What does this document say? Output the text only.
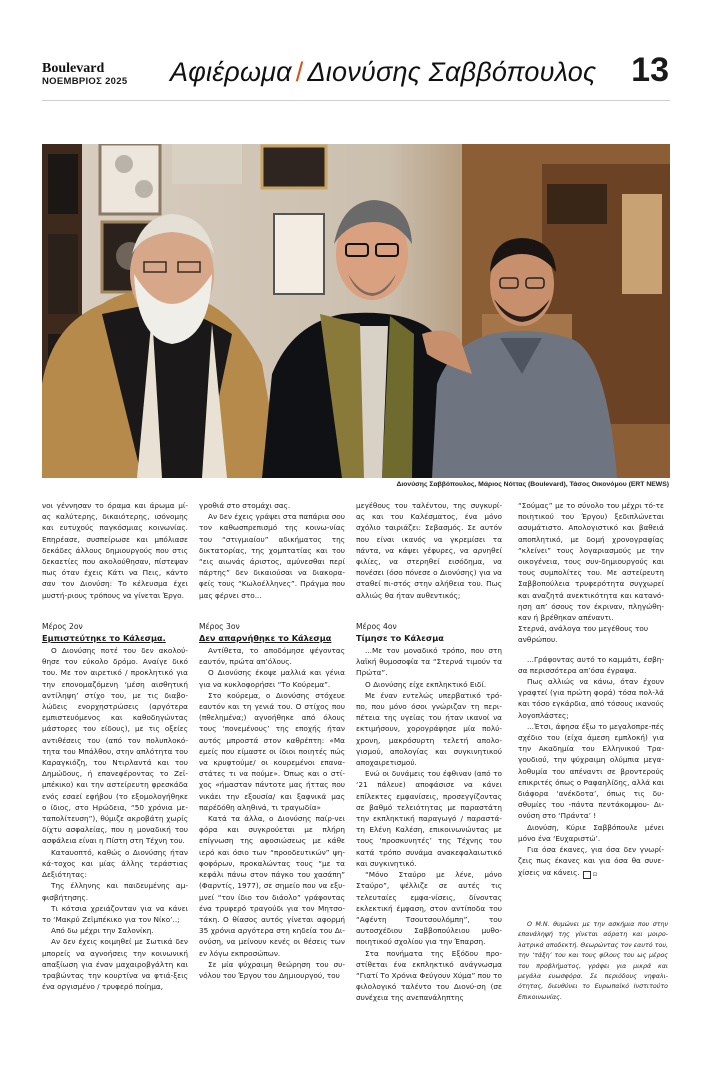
Boulevard
ΝΟΕΜΒΡΙΟΣ 2025 Αφιέρωμα / Διονύσης Σαββόπουλος 13
Διονύσης Σαββόπουλος, Μάριος Νόττας (Boulevard), Τάσος Οικονόμου (ERT NEWS)

νοι γέννησαν το όραμα και άρωμα μί-ας καλύτερης, δικαιότερης, ισόνομης και ευτυχούς παγκόσμιας κοινωνίας. Επηρέασε, συσπείρωσε και μπόλιασε δεκάδες άλλους δημιουργούς που στις δεκαετίες που ακολούθησαν, πίστεψαν πως όταν έχεις Κάτι να Πεις, κάντο σαν τον Διονύση: Το κέλευσμα έχει μυστή-ριους τρόπους να γίνεται Έργο.

Μέρος 2ον

Εμπιστεύτηκε το Κάλεσμα.

Ο Διονύσης ποτέ του δεν ακολού-θησε τον εύκολο δρόμο. Αναίγε δικό του. Με τον αιρετικό / προκλητικό για την επονομαζόμενη ‘μέση αισθητική αντίληψη’ στίχο του, με τις διαβο-λώδεις ενορχηστρώσεις (αργότερα εμπιστευόμενος και καθοδηγώντας μάστορες του είδους), με τις οξείες αντιθέσεις του (από τον πολυπλοκό-τητα του Μπάλθου, στην απλότητα του Καραγκιόζη, του Ντιρλαντά και του Δημώδους, ή επανεφέροντας το Ζεϊ-μπέκικο) και την αστείρευτη φρεσκάδα ενός εσαεί εφήβου (το εξομολογήθηκε ο ίδιος, στο Ηρώδεια, “50 χρόνια με-ταπολίτευση”), θύμιζε ακροβάτη χωρίς δίχτυ ασφαλείας, που η μοναδική του ασφάλεια είναι η Πίστη στη Τέχνη του.

Καταυοπτό, καθώς ο Διονύσης ήταν κά-τοχος και μίας άλλης τεράστιας Δεξιότητας:

Της έλληνης και παιδευμένης αμ-φισβήτησης.

Τι κότσια χρειάζονταν για να κάνει το ‘Μακρύ Ζεϊμπέκικο για τον Νίκο’..;

Από δω μέχρι την Σαλονίκη.

Αν δεν έχεις κοιμηθεί με Σωτικά δεν μπορείς να αγνοήσεις την κοινωνική απαξίωση για έναν μαχαιροβγάλτη και τραβώντας την κουρτίνα να φτιά-ξεις ένα οργισμένο / τρυφερό ποίημα,

γροθιά στο στομάχι σας.

Αν δεν έχεις γράψει στα παπάρια σου τον καθωσπρεπισμό της κοινω-νίας του “στιγμιαίου” αδικήματος της δικτατορίας, της χομπτατίας και του “εις αιωνάς άριστος, αμύνεσθαι περί πάρτης” δεν δικαιούσαι να διακορα-φείς τους “Κωλοέλληνες”. Πράγμα που μας φέρνει στο...

Μέρος 3ον

Δεν απαρνήθηκε το Κάλεσμα

Αντίθετα, το αποδόμησε ψέγοντας εαυτόν, πρώτα απ’όλους.

Ο Διονύσης έκοψε μαλλιά και γένια για να κυκλοφορήσει “Το Κούρεμα”.

Στο κούρεμα, ο Διονύσης στόχευε εαυτόν και τη γενιά του. Ο στίχος που (πθελημένα;) αγνοήθηκε από όλους τους ‘πονεμένους’ της εποχής ήταν αυτός μπροστά στον καθρέπτη: «Μα εμείς που είμαστε οι ίδιοι ποιητές πώς να κρυφτούμε/ οι κουρεμένοι επανα-στάτες τι να πούμε». Όπως και ο στί-χος «ήμασταν πάντοτε μας ήττας που νικάει την εξουσία/ και ξαφνικά μας παρέδόθη αληθινά, τι τραγωδία»

Κατά τα άλλα, ο Διονύσης παίρ-νει φόρα και συγκρούεται με πλήρη επίγνωση της αφοσιώσεως με κάθε ιερό και όσιο των “προοδευτικών” ψη-φοφόρων, προκαλώντας τους “με τα κεφάλι πάνω στον πάγκο του χασάπη” (Φαρντίς, 1977), σε σημείο που να εξυ-μνεί “τον ίδιο τον διάολο” γράφοντας ένα τρυφερό τραγούδι για τον Μητσο-τάκη. Ο θίασος αυτός γίνεται αφορμή 35 χρόνια αργότερα στη κηδεία του Δι-ονύση, να μείνουν κενές οι θέσεις των εν λόγω εκπροσώπων.

Σε μία ψύχραιμη θεώρηση του συ-νόλου του Έργου του Δημιουργού, του

μεγέθους του ταλέντου, της συγκυρί-ας και του Καλέσματος, ένα μόνο σχόλιο ταιριάζει: Σεβασμός. Σε αυτόν που είναι ικανός να γκρεμίσει τα πάντα, να κάψει γέφυρες, να αρνηθεί φιλίες, να στερηθεί εισόδημα, να πονέσει (όσο πόνεσε ο Διονύσης) για να σταθεί πι-στός στην αλήθεια του. Πως αλλιώς θα ήταν αυθεντικός;

Μέρος 4ον

Τίμησε το Κάλεσμα

...Με τον μοναδικό τρόπο, που στη λαϊκή θυμοσοφία τα “Στερνά τιμούν τα Πρώτα”.

Ο Διονύσης είχε εκπληκτικό Ειδί.

Με έναν εντελώς υπερβατικό τρό-πο, που μόνο όσοι γνώριζαν τη περι-πέτεια της υγείας του ήταν ικανοί να εκτιμήσουν, χορογράφησε μία πολύ-χρονη, μακρόσυρτη τελετή απολο-γισμού, απολογίας και συγκινητικού αποχαιρετισμού.

Ενώ οι δυνάμεις του έφθιναν (από το ‘21 πάλευε) αποφάσισε να κάνει επίλεκτες εμφανίσεις, προσεγγίζοντας σε βαθμό τελειότητας με παραστάτη την εκπληκτική παραγωγό / παραστά-τη Ελένη Καλέση, επικοινωνώντας με τους ‘προσκυνητές’ της Τέχνης του κατά τρόπο συνάμα ανακεφαλαιωτικό και συγκινητικό.

“Μόνο Σταύρο με λένε, μόνο Σταύρο”, ψέλλιζε σε αυτές τις τελευταίες εμφα-νίσεις, δίνοντας εκλεκτική έμφαση, στον αντίποδα του “Αφέντη Τσουτσουλόμπη”, του αυτοσχέδιου Σαββοπούλειου μυθο-ποιητικού σχολίου για την Έπαρση.

Στα πονήματα της Εξόδου προ-στίθεται ένα εκπληκτικό ανάγνωσμα “Γιατί Το Χρόνια Φεύγουν Χύμα” που το φιλολογικό ταλέντο του Διονύ-ση (σε συνέχεια της ανεπανάληπτης

“Σούμας” με το σύνολο του μέχρι τό-τε ποιητικού του Έργου) ξεδιπλώνεται ασυμάτιστο. Απολογιστικό και βαθειά αποπλητικό, με δομή χρονογραφίας “κλείνει” τους λογαριασμούς με την οικογένεια, τους συν-δημιουργούς και τους συμπολίτες του. Με αστείρευτη Σαββοπούλεια τρυφερότητα συγχωρεί και αναζητά ανεκτικότητα και κατανό-ηση απ’ όσους τον έκριναν, πληγώθη-καν ή βρέθηκαν απέναντι.

Στερνά, ανάλογα του μεγέθους του ανθρώπου.

...Γράφοντας αυτό το καμμάτι, έσβη-σα περισσότερα απ’όσα έγραψα.

Πως αλλιώς να κάνω, όταν έχουν γραφτεί (για πρώτη φορά) τόσα πολ-λά και τόσο εγκάρδια, από τόσους ικανούς λογοπλάστες;

...Έτσι, άφησα έξω το μεγαλοπρε-πές σχέδιο του (είχα άμεση εμπλοκή) για την Ακαδημία του Ελληνικού Τρα-γουδιού, την ψύχραιμη ολύμπια μεγα-λοθυμία του απέναντι σε βροντερούς επικριτές όπως ο Ραφαηλίδης, αλλά και διάφορα ‘ανέκδοτα’, όπως τις δυ-σθυμίες του -πάντα πεντάκομψου- Δι-ονύση στο ‘Πράντα’ !

Διονύση, Κύριε Σαββόπουλε μένει μόνο ένα ‘Ευχαριστώ’.

Για όσα έκανες, για όσα δεν γνωρί-ζεις πως έκανες και για όσα θα συνε-χίσεις να κάνεις.	⊡

Ο Μ.Ν. θυμώνει με την ασκήμια που στην επανάληψή της γίνεται αόρατη και μοιρο-λατρικά αποδεκτή. Θεωρώντας τον εαυτό του, την ‘τάξη’ του και τους φίλους του ως μέρος του προβλήματος, γράφει για μικρά και μεγάλα ευωσφόρα. Σε περιόδους νηφαλι-ότητας, διευθύνει το Ευρωπαϊκό Ινστιτούτο Επικοινωνίας.
